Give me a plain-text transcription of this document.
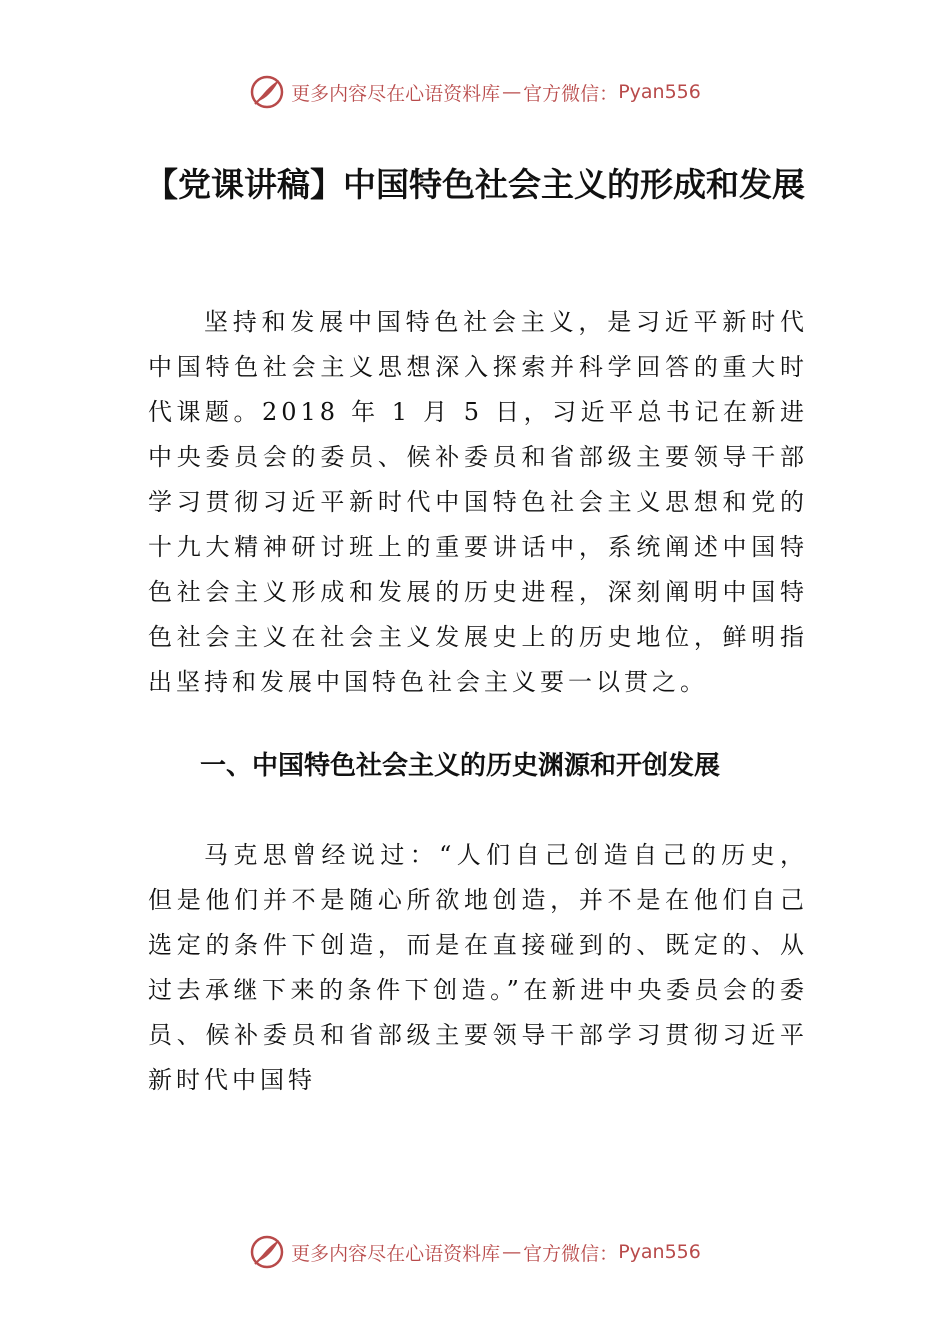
更多内容尽在心语资料库 — 官方微信： Pyan556
【党课讲稿】中国特色社会主义的形成和发展

坚持和发展中国特色社会主义，是习近平新时代中国特色社会主义思想深入探索并科学回答的重大时代课题。2018 年 1 月 5 日，习近平总书记在新进中央委员会的委员、候补委员和省部级主要领导干部学习贯彻习近平新时代中国特色社会主义思想和党的十九大精神研讨班上的重要讲话中，系统阐述中国特色社会主义形成和发展的历史进程，深刻阐明中国特色社会主义在社会主义发展史上的历史地位，鲜明指出坚持和发展中国特色社会主义要一以贯之。

一、中国特色社会主义的历史渊源和开创发展

马克思曾经说过：“人们自己创造自己的历史，但是他们并不是随心所欲地创造，并不是在他们自己选定的条件下创造，而是在直接碰到的、既定的、从过去承继下来的条件下创造。”在新进中央委员会的委员、候补委员和省部级主要领导干部学习贯彻习近平新时代中国特

更多内容尽在心语资料库 — 官方微信： Pyan556
